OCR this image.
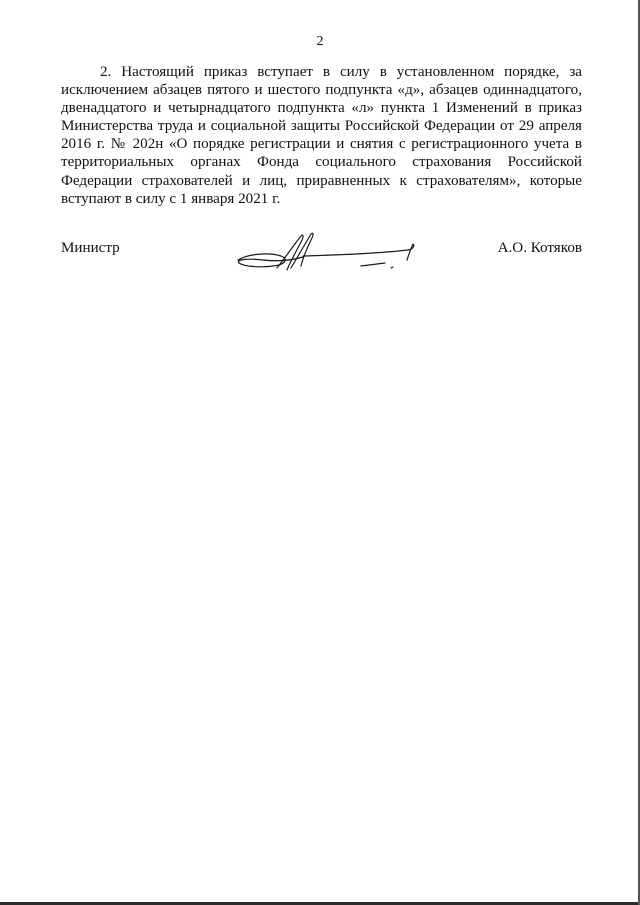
2

2. Настоящий приказ вступает в силу в установленном порядке, за исключением абзацев пятого и шестого подпункта «д», абзацев одиннадцатого, двенадцатого и четырнадцатого подпункта «л» пункта 1 Изменений в приказ Министерства труда и социальной защиты Российской Федерации от 29 апреля 2016 г. № 202н «О порядке регистрации и снятия с регистрационного учета в территориальных органах Фонда социального страхования Российской Федерации страхователей и лиц, приравненных к страхователям», которые вступают в силу с 1 января 2021 г.

Министр	А.О. Котяков
